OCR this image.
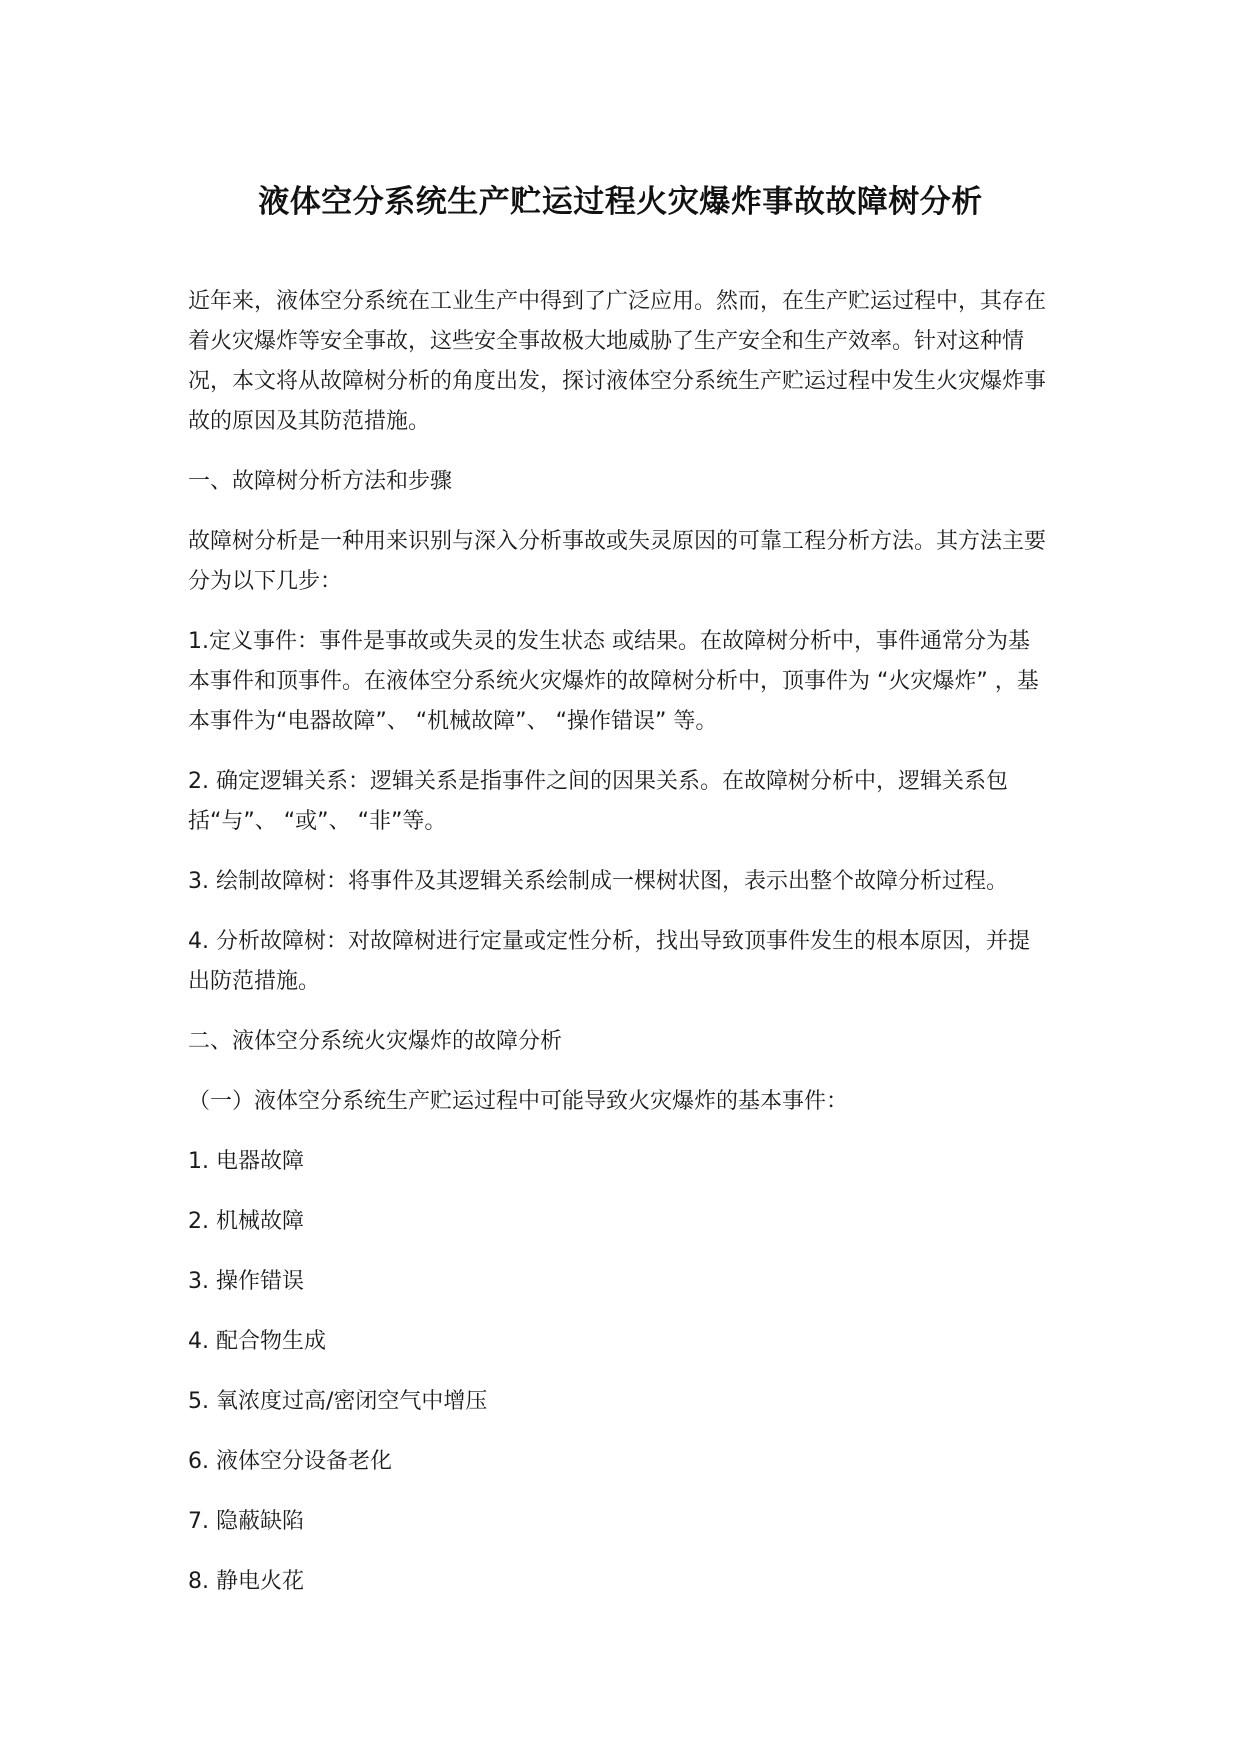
液体空分系统生产贮运过程火灾爆炸事故故障树分析

近年来，液体空分系统在工业生产中得到了广泛应用。然而，在生产贮运过程中，其存在着火灾爆炸等安全事故，这些安全事故极大地威胁了生产安全和生产效率。针对这种情况，本文将从故障树分析的角度出发，探讨液体空分系统生产贮运过程中发生火灾爆炸事故的原因及其防范措施。

一、故障树分析方法和步骤

故障树分析是一种用来识别与深入分析事故或失灵原因的可靠工程分析方法。其方法主要分为以下几步：

1.定义事件：事件是事故或失灵的发生状态 或结果。在故障树分析中，事件通常分为基本事件和顶事件。在液体空分系统火灾爆炸的故障树分析中，顶事件为 “火灾爆炸” ，基本事件为“电器故障”、 “机械故障”、 “操作错误” 等。

2. 确定逻辑关系：逻辑关系是指事件之间的因果关系。在故障树分析中，逻辑关系包括“与”、 “或”、 “非”等。

3. 绘制故障树：将事件及其逻辑关系绘制成一棵树状图，表示出整个故障分析过程。

4. 分析故障树：对故障树进行定量或定性分析，找出导致顶事件发生的根本原因，并提出防范措施。

二、液体空分系统火灾爆炸的故障分析

（一）液体空分系统生产贮运过程中可能导致火灾爆炸的基本事件：

1. 电器故障
2. 机械故障
3. 操作错误
4. 配合物生成
5. 氧浓度过高/密闭空气中增压
6. 液体空分设备老化
7. 隐蔽缺陷
8. 静电火花
